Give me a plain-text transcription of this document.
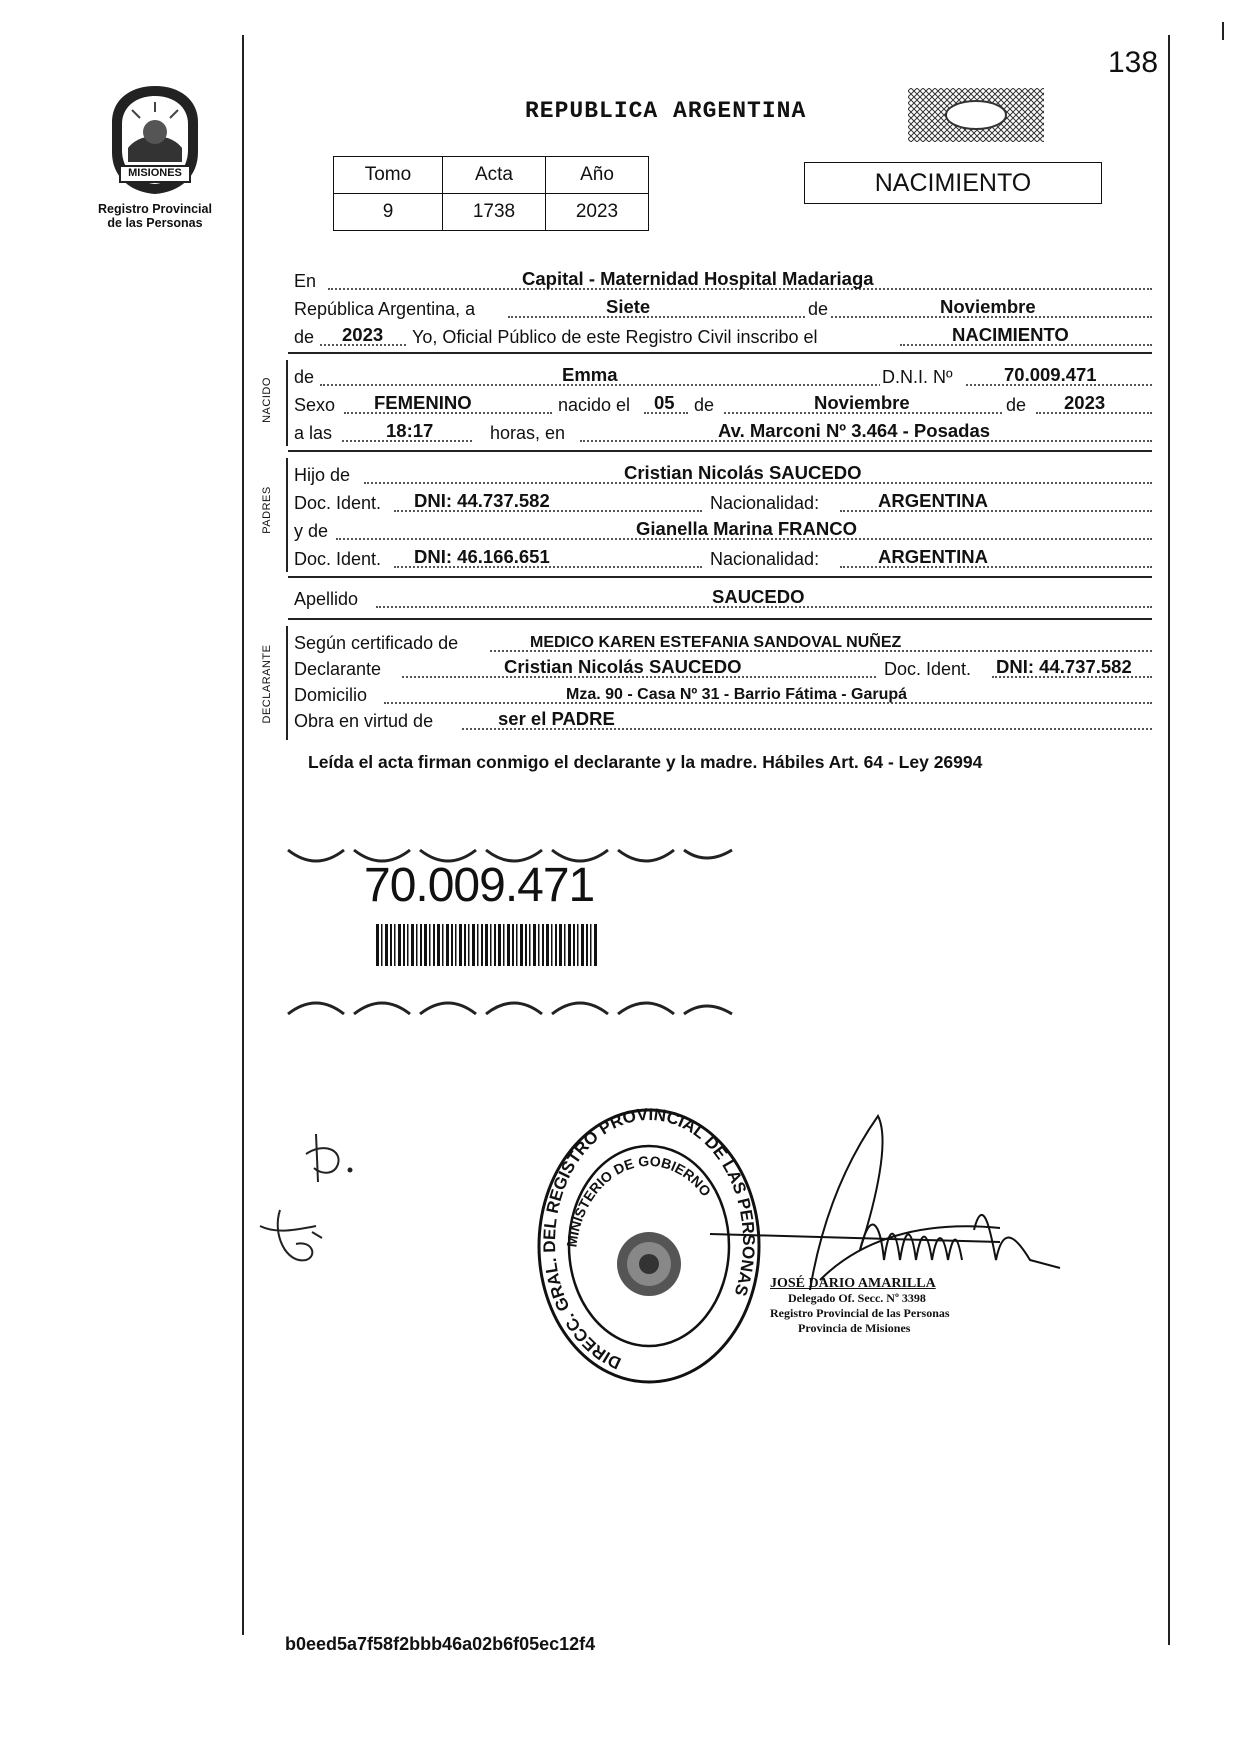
138
MISIONES
Registro Provincial
de las Personas
REPUBLICA ARGENTINA
Tomo	Acta	Año
9	1738	2023
NACIMIENTO
En	Capital - Maternidad Hospital Madariaga
República Argentina, a	Siete	de	Noviembre
de 2023 Yo, Oficial Público de este Registro Civil inscribo el	NACIMIENTO
NACIDO
de	Emma	D.N.I. Nº	70.009.471
Sexo FEMENINO	nacido el 05 de	Noviembre	de 2023
a las	18:17	horas, en	Av. Marconi Nº 3.464 - Posadas
PADRES
Hijo de	Cristian Nicolás SAUCEDO
Doc. Ident. DNI: 44.737.582	Nacionalidad:	ARGENTINA
y de	Gianella Marina FRANCO
Doc. Ident. DNI: 46.166.651	Nacionalidad:	ARGENTINA
Apellido	SAUCEDO
DECLARANTE
Según certificado de	MEDICO KAREN ESTEFANIA SANDOVAL NUÑEZ
Declarante	Cristian Nicolás SAUCEDO	Doc. Ident. DNI: 44.737.582
Domicilio	Mza. 90 - Casa Nº 31 - Barrio Fátima - Garupá
Obra en virtud de	ser el PADRE
Leída el acta firman conmigo el declarante y la madre. Hábiles Art. 64 - Ley 26994
70.009.471
DIRECC. GRAL. DEL REGISTRO PROVINCIAL DE LAS PERSONAS
MINISTERIO DE GOBIERNO
JOSÉ DARIO AMARILLA
Delegado Of. Secc. Nº 3398
Registro Provincial de las Personas
Provincia de Misiones
b0eed5a7f58f2bbb46a02b6f05ec12f4
